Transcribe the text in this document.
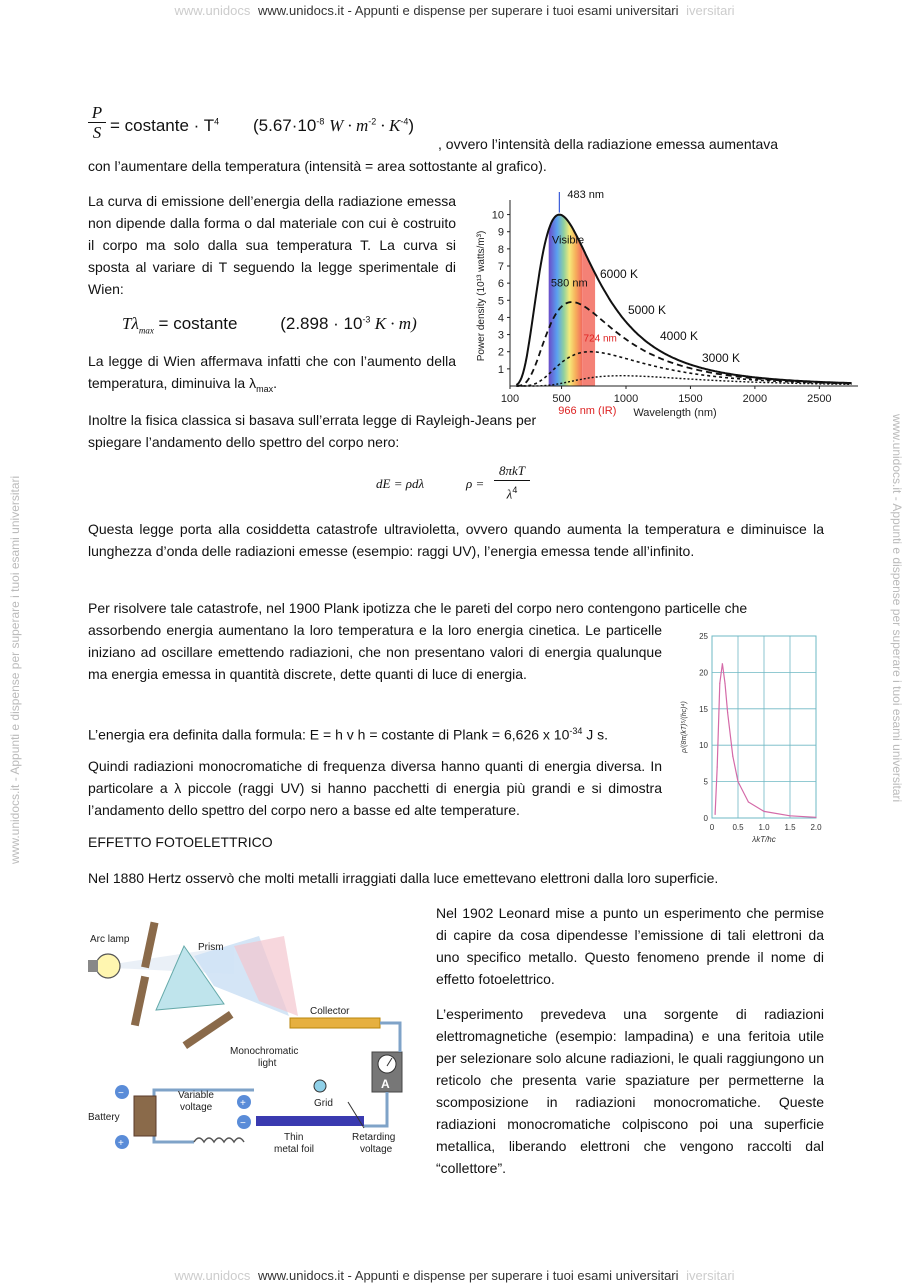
www.unidocs www.unidocs.it - Appunti e dispense per superare i tuoi esami universitari iversitari
www.unidocs www.unidocs.it - Appunti e dispense per superare i tuoi esami universitari iversitari
www.unidocs.it - Appunti e dispense per superare i tuoi esami universitari	www.unidocs.it - Appunti e dispense per superare i tuoi esami universitari
P
S = costante · $T^4$ ($5.67\cdot 10^{-8}$ $W \cdot m^{-2} \cdot K^{-4}$)
, ovvero l’intensità della radiazione emessa aumentava
con l’aumentare della temperatura (intensità = area sottostante al grafico).
La curva di emissione dell’energia della radiazione emessa non dipende dalla forma o dal materiale con cui è costruito il corpo ma solo dalla sua temperatura T. La curva si sposta al variare di T seguendo la legge sperimentale di Wien:
$T\lambda_{max}$ = costante	($2.898 \cdot 10^{-3}$ K · m)
La legge di Wien affermava infatti che con l’aumento della temperatura, diminuiva la $\lambda_{max}$.
Inoltre la fisica classica si basava sull’errata legge di Rayleigh-Jeans per spiegare l’andamento dello spettro del corpo nero:
dE = ρdλ	ρ =
8πkT
$\lambda^4$
Questa legge porta alla cosiddetta catastrofe ultravioletta, ovvero quando aumenta la temperatura e diminuisce la lunghezza d’onda delle radiazioni emesse (esempio: raggi UV), l’energia emessa tende all’infinito.
Per risolvere tale catastrofe, nel 1900 Plank ipotizza che le pareti del corpo nero contengono particelle che
assorbendo energia aumentano la loro temperatura e la loro energia cinetica. Le particelle iniziano ad oscillare emettendo radiazioni, che non presentano valori di energia qualunque ma energia emessa in quantità discrete, dette quanti di luce di energia.
L’energia era definita dalla formula: E = h v h = costante di Plank = 6,626 x $10^{-34}$ J s.
Quindi radiazioni monocromatiche di frequenza diversa hanno quanti di energia diversa. In particolare a λ piccole (raggi UV) si hanno pacchetti di energia più grandi e si dimostra l’andamento dello spettro del corpo nero a basse ed alte temperature.
EFFETTO FOTOELETTRICO
Nel 1880 Hertz osservò che molti metalli irraggiati dalla luce emettevano elettroni dalla loro superficie.
Nel 1902 Leonard mise a punto un esperimento che permise di capire da cosa dipendesse l’emissione di tali elettroni da uno specifico metallo. Questo fenomeno prende il nome di effetto fotoelettrico.
L’esperimento prevedeva una sorgente di radiazioni elettromagnetiche (esempio: lampadina) e una feritoia utile per selezionare solo alcune radiazioni, le quali raggiungono un reticolo che presenta varie spaziature per permetterne la scomposizione in radiazioni monocromatiche. Queste radiazioni monocromatiche colpiscono poi una superficie metallica, liberando elettroni che vengono raccolti dal “collettore”.
1
2
3
4
5
6
7
8
9
10
100	500	1000	1500	2000	2500
Power density (10¹³ watts/m³)
Wavelength (nm)
6000 K
5000 K
4000 K
3000 K
483 nm
580 nm
724 nm
966 nm (IR)
Visible
0 0.5 1.0 1.5 2.0
0
5
10
15
20
25
λkT/hc
ρ/(8π(kT)⁵/(hc)⁴)
Arc lamp
Prism
Collector
Monochromatic
light
A
Variable
voltage	Grid
Battery
Thin
metal foil
Retarding
voltage
−
+
+
−
